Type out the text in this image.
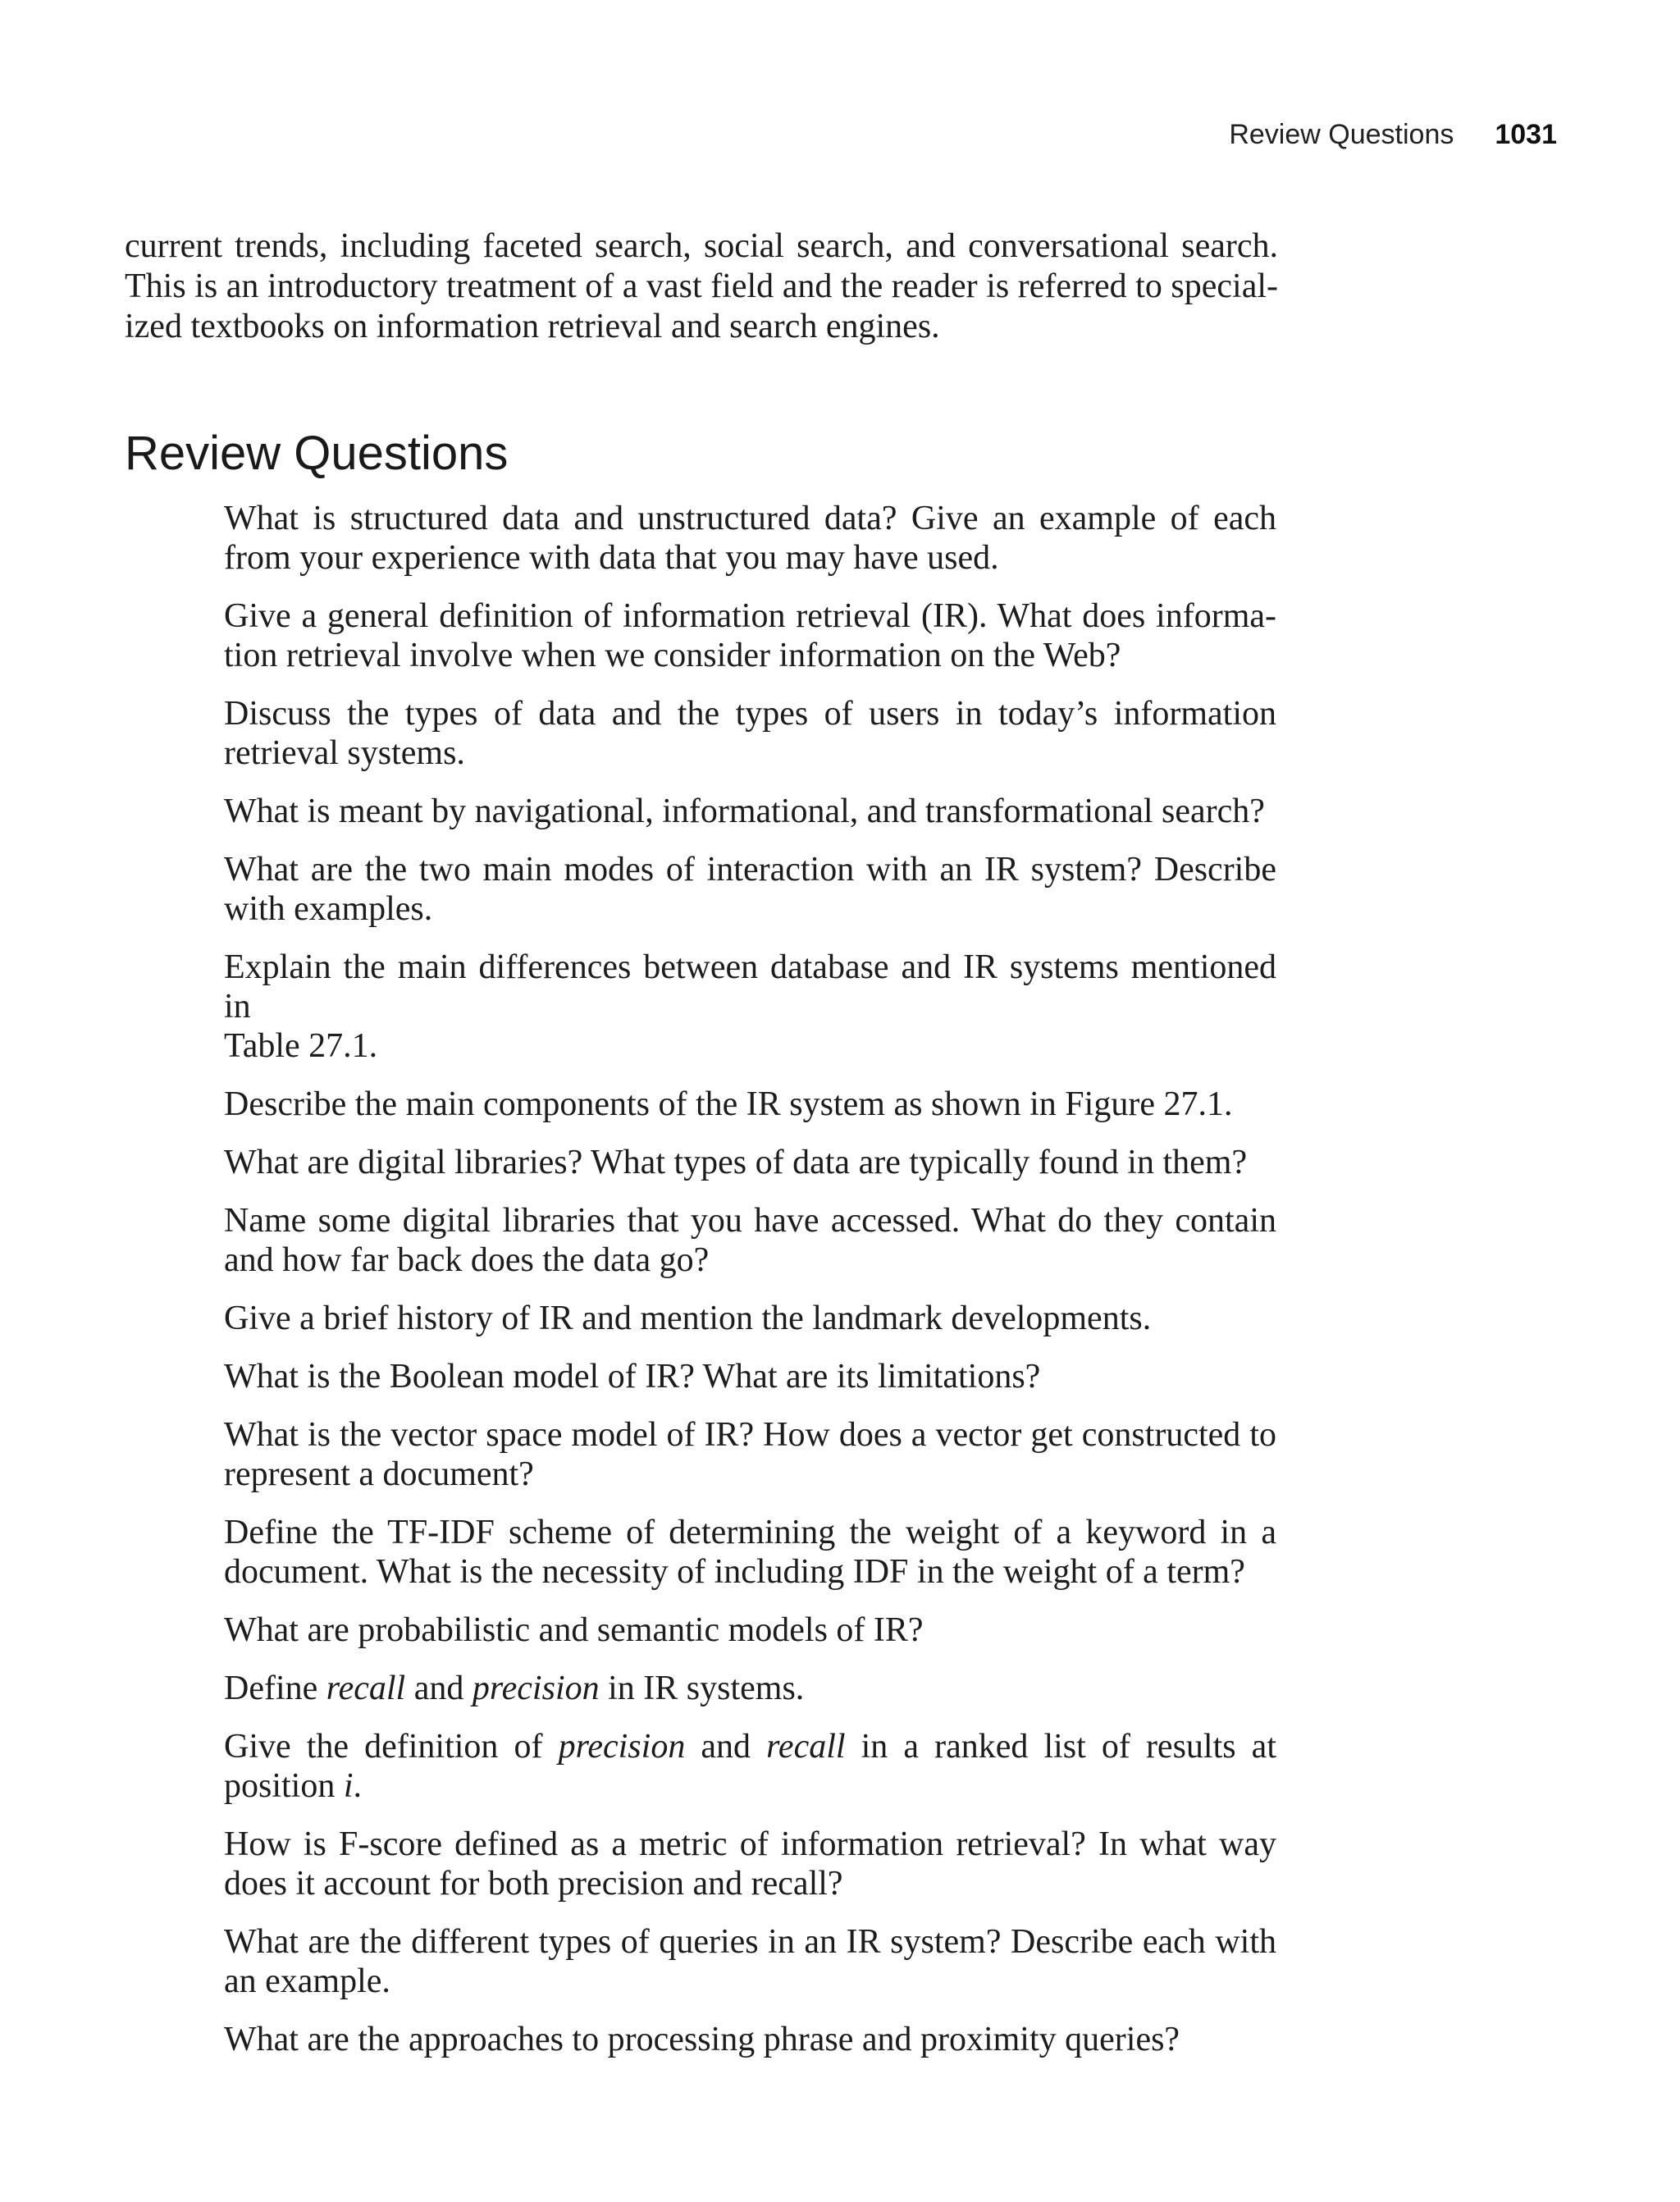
Review Questions 1031

current trends, including faceted search, social search, and conversational search.
This is an introductory treatment of a vast field and the reader is referred to special-
ized textbooks on information retrieval and search engines.

Review Questions
What is structured data and unstructured data? Give an example of each
from your experience with data that you may have used.
Give a general definition of information retrieval (IR). What does informa-
tion retrieval involve when we consider information on the Web?
Discuss the types of data and the types of users in today’s information
retrieval systems.
What is meant by navigational, informational, and transformational search?
What are the two main modes of interaction with an IR system? Describe
with examples.
Explain the main differences between database and IR systems mentioned in
Table 27.1.
Describe the main components of the IR system as shown in Figure 27.1.
What are digital libraries? What types of data are typically found in them?
Name some digital libraries that you have accessed. What do they contain
and how far back does the data go?
Give a brief history of IR and mention the landmark developments.
What is the Boolean model of IR? What are its limitations?
What is the vector space model of IR? How does a vector get constructed to
represent a document?
Define the TF-IDF scheme of determining the weight of a keyword in a
document. What is the necessity of including IDF in the weight of a term?
What are probabilistic and semantic models of IR?
Define recall and precision in IR systems.
Give the definition of precision and recall in a ranked list of results at
position i.
How is F-score defined as a metric of information retrieval? In what way
does it account for both precision and recall?
What are the different types of queries in an IR system? Describe each with
an example.
What are the approaches to processing phrase and proximity queries?
